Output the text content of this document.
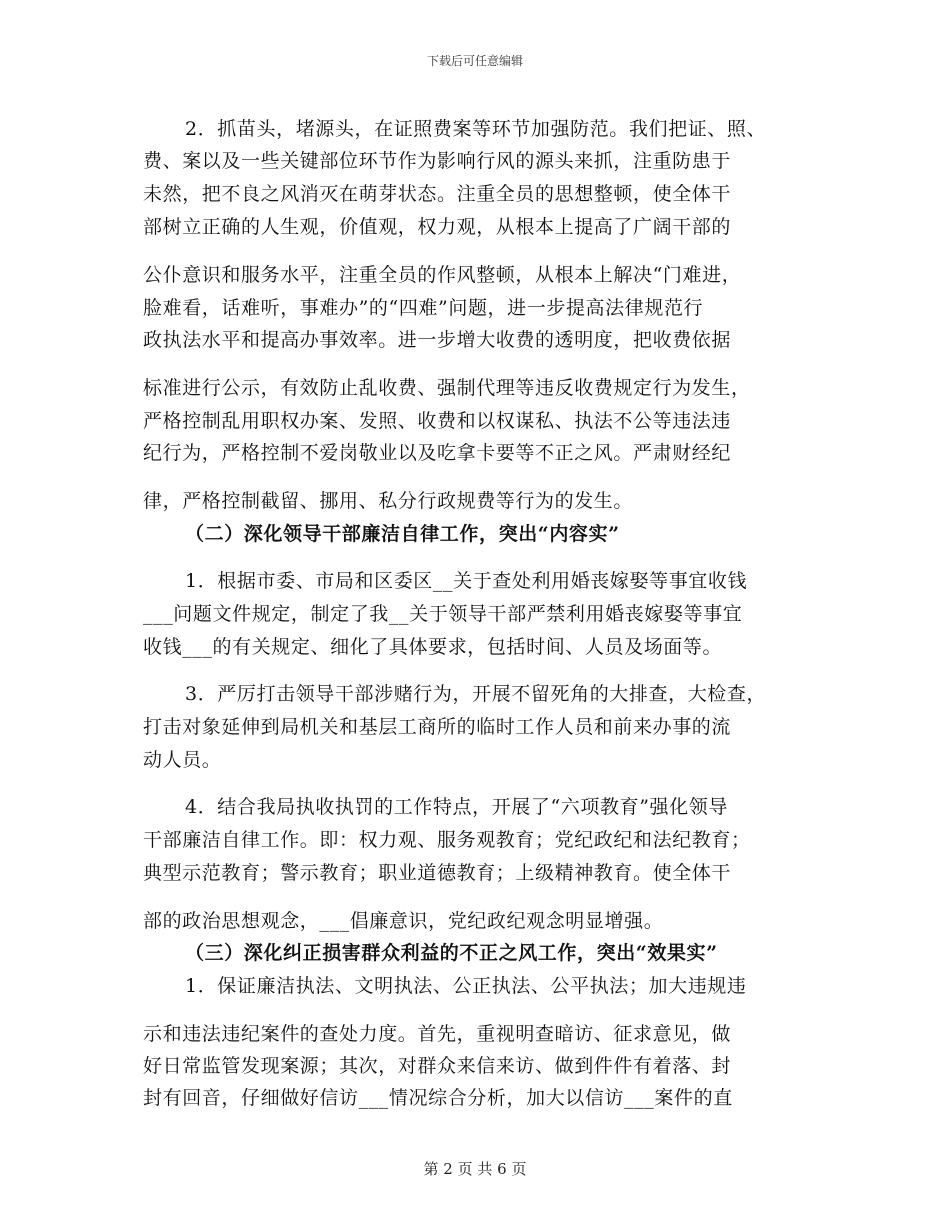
下载后可任意编辑
2．抓苗头，堵源头，在证照费案等环节加强防范。我们把证、照、
费、案以及一些关键部位环节作为影响行风的源头来抓，注重防患于
未然，把不良之风消灭在萌芽状态。注重全员的思想整顿，使全体干
部树立正确的人生观，价值观，权力观，从根本上提高了广阔干部的
公仆意识和服务水平，注重全员的作风整顿，从根本上解决“门难进，
脸难看，话难听，事难办”的“四难”问题，进一步提高法律规范行
政执法水平和提高办事效率。进一步增大收费的透明度，把收费依据
标准进行公示，有效防止乱收费、强制代理等违反收费规定行为发生，
严格控制乱用职权办案、发照、收费和以权谋私、执法不公等违法违
纪行为，严格控制不爱岗敬业以及吃拿卡要等不正之风。严肃财经纪
律，严格控制截留、挪用、私分行政规费等行为的发生。
（二）深化领导干部廉洁自律工作，突出“内容实”
1．根据市委、市局和区委区__关于查处利用婚丧嫁娶等事宜收钱
___问题文件规定，制定了我__关于领导干部严禁利用婚丧嫁娶等事宜
收钱___的有关规定、细化了具体要求，包括时间、人员及场面等。
3．严厉打击领导干部涉赌行为，开展不留死角的大排查，大检查，
打击对象延伸到局机关和基层工商所的临时工作人员和前来办事的流
动人员。
4．结合我局执收执罚的工作特点，开展了“六项教育”强化领导
干部廉洁自律工作。即：权力观、服务观教育；党纪政纪和法纪教育；
典型示范教育；警示教育；职业道德教育；上级精神教育。使全体干
部的政治思想观念，___倡廉意识，党纪政纪观念明显增强。
（三）深化纠正损害群众利益的不正之风工作，突出“效果实”
1．保证廉洁执法、文明执法、公正执法、公平执法；加大违规违
示和违法违纪案件的查处力度。首先，重视明查暗访、征求意见，做
好日常监管发现案源；其次，对群众来信来访、做到件件有着落、封
封有回音，仔细做好信访___情况综合分析，加大以信访___案件的直
第 2 页 共 6 页
